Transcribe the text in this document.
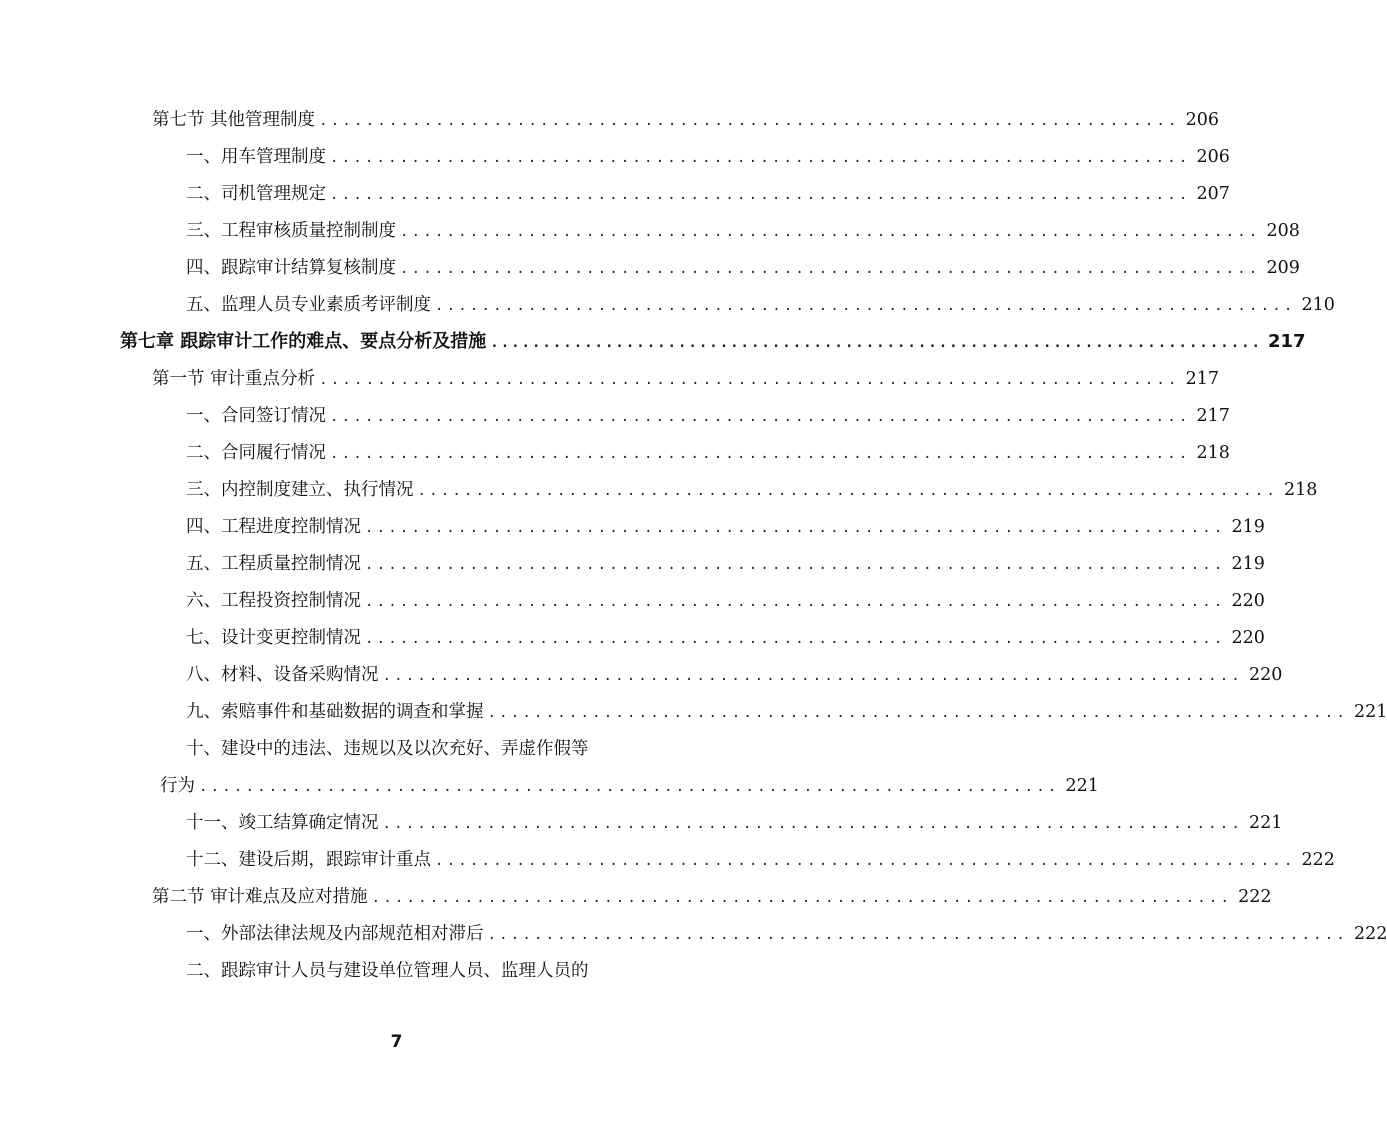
第七节 其他管理制度 .......................................................................... 206
一、用车管理制度 .......................................................................... 206
二、司机管理规定 .......................................................................... 207
三、工程审核质量控制制度 .......................................................................... 208
四、跟踪审计结算复核制度 .......................................................................... 209
五、监理人员专业素质考评制度 .......................................................................... 210
第七章 跟踪审计工作的难点、要点分析及措施 .......................................................................... 217
第一节 审计重点分析 .......................................................................... 217
一、合同签订情况 .......................................................................... 217
二、合同履行情况 .......................................................................... 218
三、内控制度建立、执行情况 .......................................................................... 218
四、工程进度控制情况 .......................................................................... 219
五、工程质量控制情况 .......................................................................... 219
六、工程投资控制情况 .......................................................................... 220
七、设计变更控制情况 .......................................................................... 220
八、材料、设备采购情况 .......................................................................... 220
九、索赔事件和基础数据的调查和掌握 .......................................................................... 221
十、建设中的违法、违规以及以次充好、弄虚作假等
行为 .......................................................................... 221
十一、竣工结算确定情况 .......................................................................... 221
十二、建设后期，跟踪审计重点 .......................................................................... 222
第二节 审计难点及应对措施 .......................................................................... 222
一、外部法律法规及内部规范相对滞后 .......................................................................... 222
二、跟踪审计人员与建设单位管理人员、监理人员的
7
